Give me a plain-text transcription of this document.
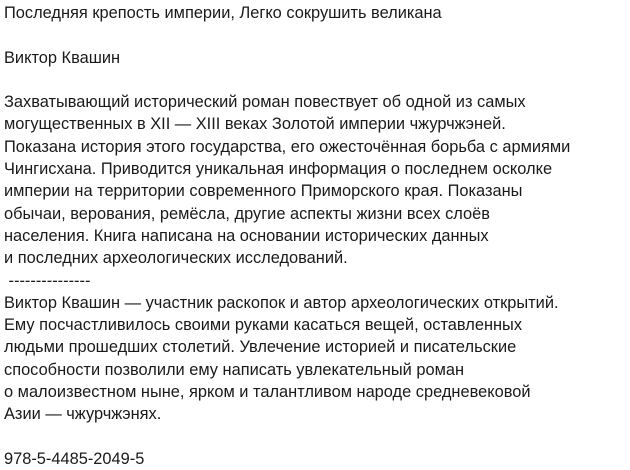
Последняя крепость империи, Легко сокрушить великана
Виктор Квашин
Захватывающий исторический роман повествует об одной из самых
могущественных в XII — XIII веках Золотой империи чжурчжэней.
Показана история этого государства, его ожесточённая борьба с армиями
Чингисхана. Приводится уникальная информация о последнем осколке
империи на территории современного Приморского края. Показаны
обычаи, верования, ремёсла, другие аспекты жизни всех слоёв
населения. Книга написана на основании исторических данных
и последних археологических исследований.
---------------
Виктор Квашин — участник раскопок и автор археологических открытий.
Ему посчастливилось своими руками касаться вещей, оставленных
людьми прошедших столетий. Увлечение историей и писательские
способности позволили ему написать увлекательный роман
о малоизвестном ныне, ярком и талантливом народе средневековой
Азии — чжурчжэнях.
978-5-4485-2049-5
